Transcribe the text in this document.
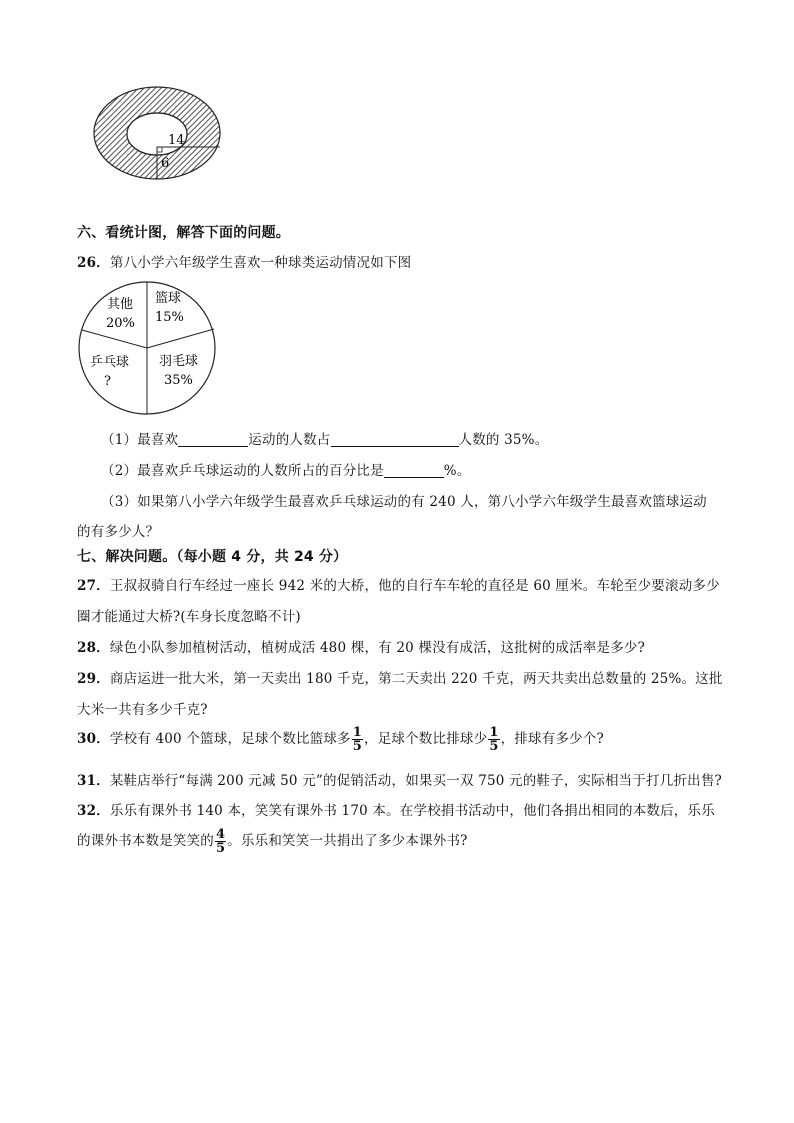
14
6
六、看统计图，解答下面的问题。
26．第八小学六年级学生喜欢一种球类运动情况如下图
其他
20%
篮球
15%
羽毛球
35%
乒乓球
?
（1）最喜欢	运动的人数占	人数的 35%。
（2）最喜欢乒乓球运动的人数所占的百分比是	%。
（3）如果第八小学六年级学生最喜欢乒乓球运动的有 240 人，第八小学六年级学生最喜欢篮球运动
的有多少人？
七、解决问题。（每小题 4 分，共 24 分）
27．王叔叔骑自行车经过一座长 942 米的大桥，他的自行车车轮的直径是 60 厘米。车轮至少要滚动多少
圈才能通过大桥?(车身长度忽略不计)
28．绿色小队参加植树活动，植树成活 480 棵，有 20 棵没有成活，这批树的成活率是多少?
29．商店运进一批大米，第一天卖出 180 千克，第二天卖出 220 千克，两天共卖出总数量的 25%。这批
大米一共有多少千克?
30．学校有 400 个篮球，足球个数比篮球多 $\frac{1}{5}$ ，足球个数比排球少 $\frac{1}{5}$ ，排球有多少个?
31．某鞋店举行“每满 200 元减 50 元”的促销活动，如果买一双 750 元的鞋子，实际相当于打几折出售?
32．乐乐有课外书 140 本，笑笑有课外书 170 本。在学校捐书活动中，他们各捐出相同的本数后，乐乐
的课外书本数是笑笑的 $\frac{4}{5}$ 。乐乐和笑笑一共捐出了多少本课外书?
